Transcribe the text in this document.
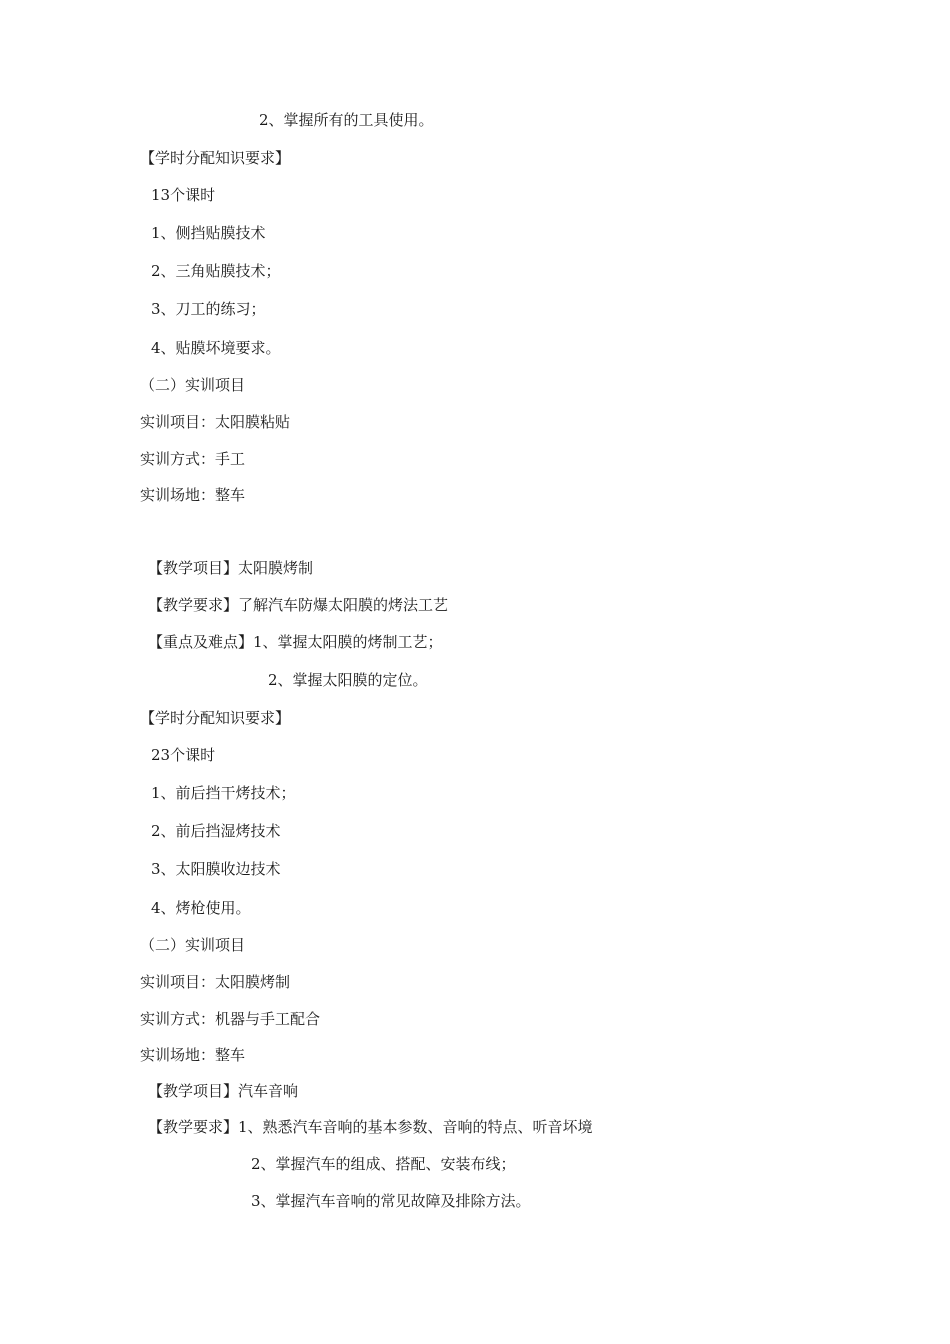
2、掌握所有的工具使用。
【学时分配知识要求】
13个课时
1、侧挡贴膜技术
2、三角贴膜技术；
3、刀工的练习；
4、贴膜坏境要求。
（二）实训项目
实训项目：太阳膜粘贴
实训方式：手工
实训场地：整车
【教学项目】太阳膜烤制
【教学要求】了解汽车防爆太阳膜的烤法工艺
【重点及难点】1、掌握太阳膜的烤制工艺；
2、掌握太阳膜的定位。
【学时分配知识要求】
23个课时
1、前后挡干烤技术；
2、前后挡湿烤技术
3、太阳膜收边技术
4、烤枪使用。
（二）实训项目
实训项目：太阳膜烤制
实训方式：机器与手工配合
实训场地：整车
【教学项目】汽车音响
【教学要求】1、熟悉汽车音响的基本参数、音响的特点、听音坏境
2、掌握汽车的组成、搭配、安装布线；
3、掌握汽车音响的常见故障及排除方法。
